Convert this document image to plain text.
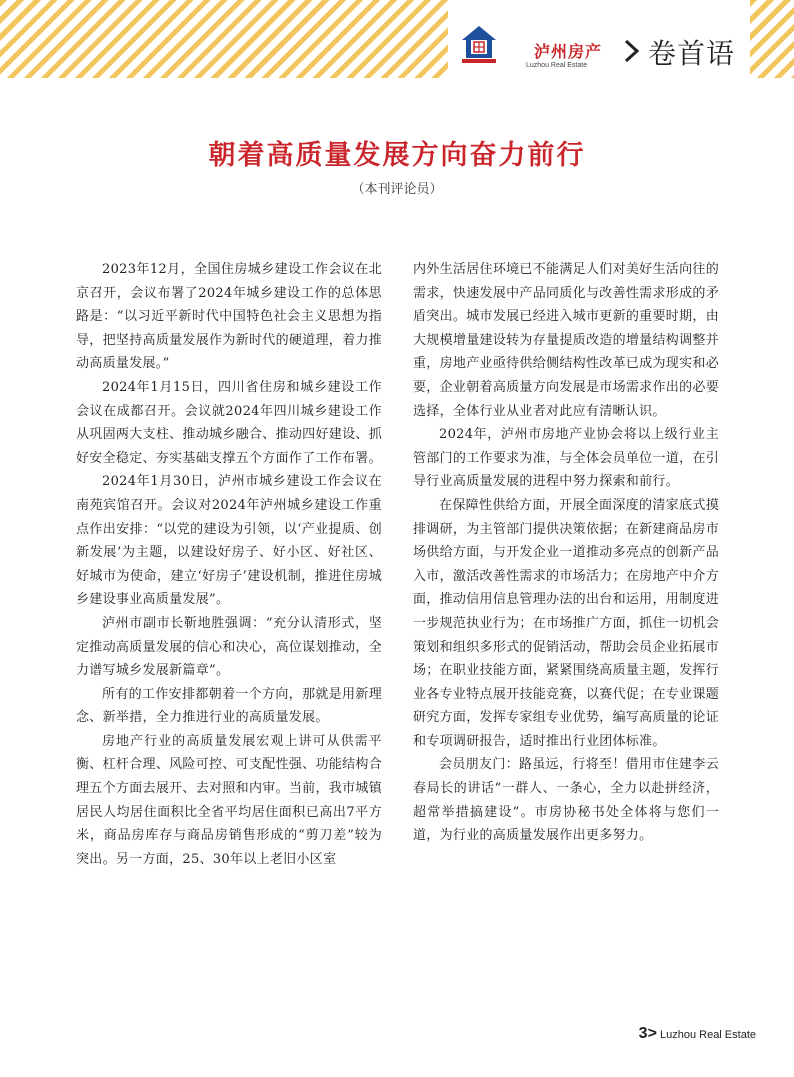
泸州房产
Luzhou Real Estate 卷首语
朝着高质量发展方向奋力前行
（本刊评论员）

2023年12月，全国住房城乡建设工作会议在北京召开，会议布署了2024年城乡建设工作的总体思路是：“以习近平新时代中国特色社会主义思想为指导，把坚持高质量发展作为新时代的硬道理，着力推动高质量发展。”

2024年1月15日，四川省住房和城乡建设工作会议在成都召开。会议就2024年四川城乡建设工作从巩固两大支柱、推动城乡融合、推动四好建设、抓好安全稳定、夯实基础支撑五个方面作了工作布署。

2024年1月30日，泸州市城乡建设工作会议在南苑宾馆召开。会议对2024年泸州城乡建设工作重点作出安排：“以党的建设为引领，以‘产业提质、创新发展’为主题，以建设好房子、好小区、好社区、好城市为使命，建立‘好房子’建设机制，推进住房城乡建设事业高质量发展”。

泸州市副市长靳地胜强调：“充分认清形式，坚定推动高质量发展的信心和决心，高位谋划推动，全力谱写城乡发展新篇章”。

所有的工作安排都朝着一个方向，那就是用新理念、新举措，全力推进行业的高质量发展。

房地产行业的高质量发展宏观上讲可从供需平衡、杠杆合理、风险可控、可支配性强、功能结构合理五个方面去展开、去对照和内审。当前，我市城镇居民人均居住面积比全省平均居住面积已高出7平方米，商品房库存与商品房销售形成的“剪刀差”较为突出。另一方面，25、30年以上老旧小区室

内外生活居住环境已不能满足人们对美好生活向往的需求，快速发展中产品同质化与改善性需求形成的矛盾突出。城市发展已经进入城市更新的重要时期，由大规模增量建设转为存量提质改造的增量结构调整并重，房地产业亟待供给侧结构性改革已成为现实和必要，企业朝着高质量方向发展是市场需求作出的必要选择，全体行业从业者对此应有清晰认识。

2024年，泸州市房地产业协会将以上级行业主管部门的工作要求为准，与全体会员单位一道，在引导行业高质量发展的进程中努力探索和前行。

在保障性供给方面，开展全面深度的清家底式摸排调研，为主管部门提供决策依据；在新建商品房市场供给方面，与开发企业一道推动多亮点的创新产品入市，激活改善性需求的市场活力；在房地产中介方面，推动信用信息管理办法的出台和运用，用制度进一步规范执业行为；在市场推广方面，抓住一切机会策划和组织多形式的促销活动，帮助会员企业拓展市场；在职业技能方面，紧紧围绕高质量主题，发挥行业各专业特点展开技能竞赛，以赛代促；在专业课题研究方面，发挥专家组专业优势，编写高质量的论证和专项调研报告，适时推出行业团体标准。

会员朋友门：路虽远，行将至！借用市住建李云春局长的讲话“一群人、一条心，全力以赴拼经济，超常举措搞建设”。市房协秘书处全体将与您们一道，为行业的高质量发展作出更多努力。

3> Luzhou Real Estate
